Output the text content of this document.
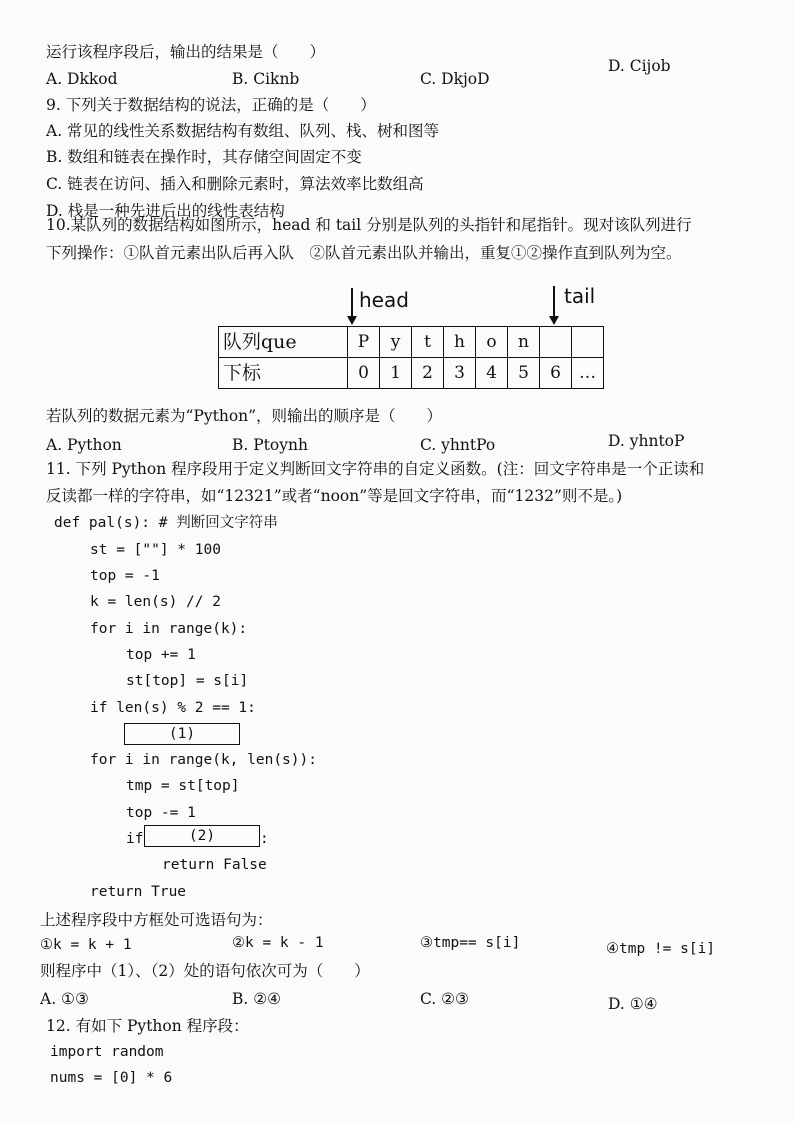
运行该程序段后，输出的结果是（　　）
A. Dkkod	B. Ciknb	C. DkjoD
D. Cijob
9. 下列关于数据结构的说法，正确的是（　　）
A. 常见的线性关系数据结构有数组、队列、栈、树和图等
B. 数组和链表在操作时，其存储空间固定不变
C. 链表在访问、插入和删除元素时，算法效率比数组高
D. 栈是一种先进后出的线性表结构
10.某队列的数据结构如图所示，head 和 tail 分别是队列的头指针和尾指针。现对该队列进行
下列操作：①队首元素出队后再入队　②队首元素出队并输出，重复①②操作直到队列为空。
head	tail
队列que	P	y	t	h	o	n		
下标	0	1	2	3	4	5	6	…
若队列的数据元素为“Python”，则输出的顺序是（　　）
A. Python	B. Ptoynh	C. yhntPo	D. yhntoP
11. 下列 Python 程序段用于定义判断回文字符串的自定义函数。(注：回文字符串是一个正读和
反读都一样的字符串，如“12321”或者“noon”等是回文字符串，而“1232”则不是。)
def pal(s): # 判断回文字符串
st = [""] * 100
top = -1
k = len(s) // 2
for i in range(k):
top += 1
st[top] = s[i]
if len(s) % 2 == 1:
(1)
for i in range(k, len(s)):
tmp = st[top]
top -= 1
if	(2)	:
return False
return True
上述程序段中方框处可选语句为：
①k = k + 1	②k = k - 1	③tmp== s[i]	④tmp != s[i]
则程序中（1）、（2）处的语句依次可为（　　）
A. ①③	B. ②④	C. ②③	D. ①④
12. 有如下 Python 程序段：
import random
nums = [0] * 6
